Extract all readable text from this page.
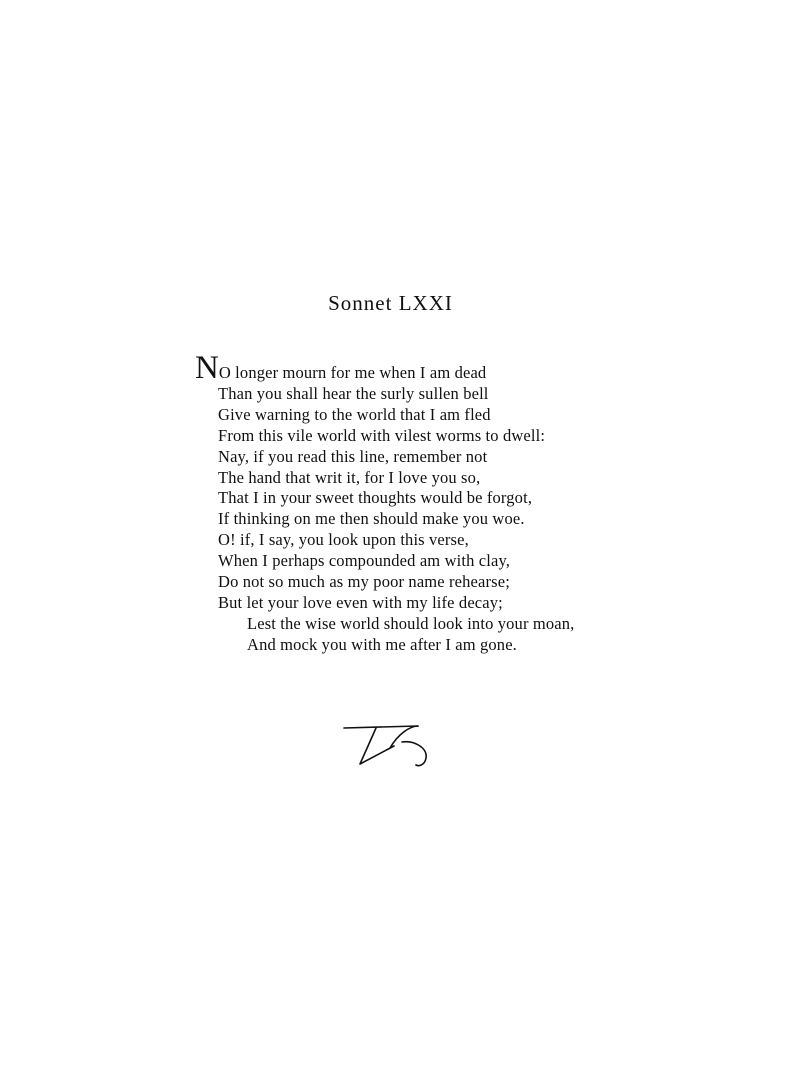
Sonnet LXXI
NO longer mourn for me when I am dead
Than you shall hear the surly sullen bell
Give warning to the world that I am fled
From this vile world with vilest worms to dwell:
Nay, if you read this line, remember not
The hand that writ it, for I love you so,
That I in your sweet thoughts would be forgot,
If thinking on me then should make you woe.
O! if, I say, you look upon this verse,
When I perhaps compounded am with clay,
Do not so much as my poor name rehearse;
But let your love even with my life decay;
Lest the wise world should look into your moan,
And mock you with me after I am gone.
